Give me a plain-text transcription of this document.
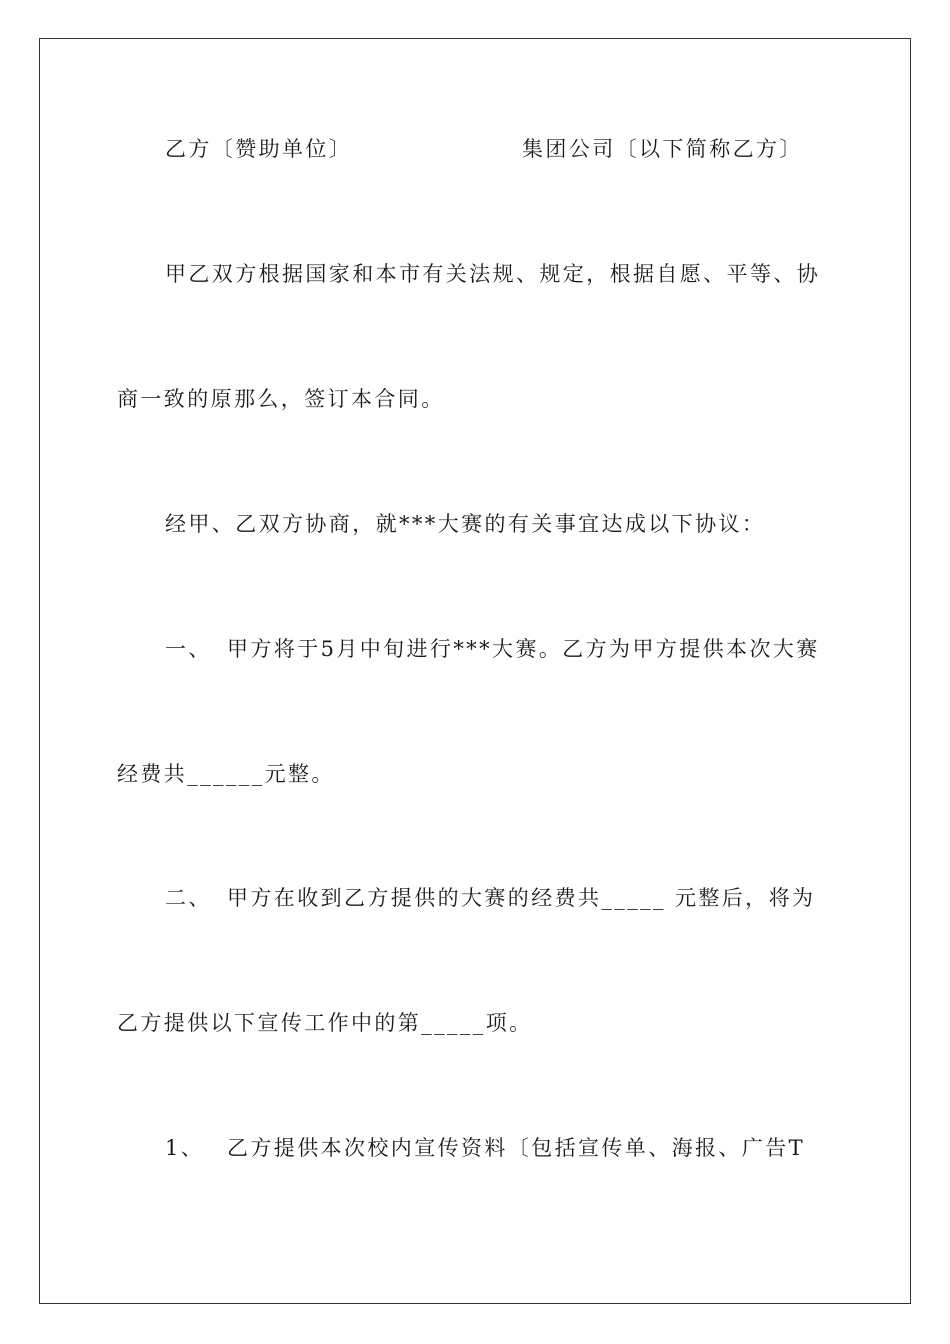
乙方〔赞助单位〕	集团公司〔以下简称乙方〕
甲乙双方根据国家和本市有关法规、规定，根据自愿、平等、协
商一致的原那么，签订本合同。
经甲、乙双方协商，就***大赛的有关事宜达成以下协议：
一、 甲方将于5月中旬进行***大赛。乙方为甲方提供本次大赛
经费共______元整。
二、 甲方在收到乙方提供的大赛的经费共_____ 元整后，将为
乙方提供以下宣传工作中的第_____项。
1、 乙方提供本次校内宣传资料〔包括宣传单、海报、广告T
